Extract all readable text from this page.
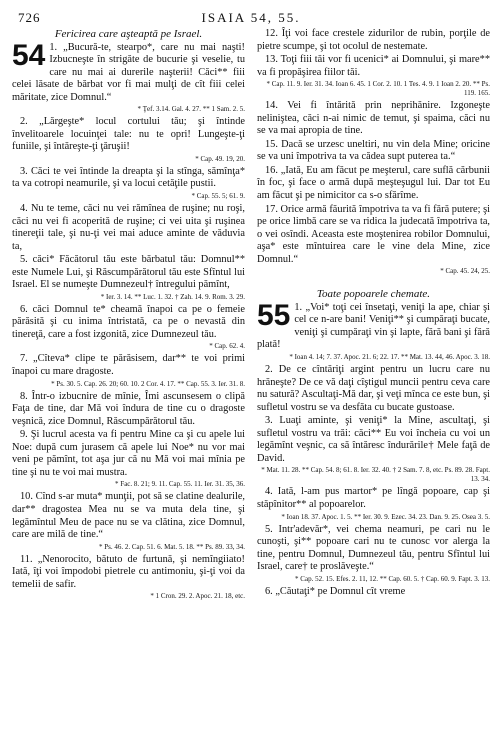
726	ISAIA 54, 55.
Fericirea care aşteaptă pe Israel.
54 1. „Bucură-te, stearpo*, care nu mai naşti! Izbucneşte în strigăte de bucurie şi veselie, tu care nu mai ai durerile naşterii! Căci** fiii celei lăsate de bărbat vor fi mai mulţi de cît fiii celei măritate, zice Domnul.“
* Ţef. 3.14. Gal. 4. 27. ** 1 Sam. 2. 5.
2. „Lărgeşte* locul cortului tău; şi întinde învelitoarele locuinţei tale: nu te opri! Lungeşte-ţi funiile, şi întăreşte-ţi ţăruşii!
* Cap. 49. 19, 20.
3. Căci te vei întinde la dreapta şi la stînga, sămînţa* ta va cotropi neamurile, şi va locui cetăţile pustii.
* Cap. 55. 5; 61. 9.
4. Nu te teme, căci nu vei rămînea de ruşine; nu roşi, căci nu vei fi acoperită de ruşine; ci vei uita şi ruşinea tinereţii tale, şi nu-ţi vei mai aduce aminte de văduvia ta,
5. căci* Făcătorul tău este bărbatul tău: Domnul** este Numele Lui, şi Răscumpărătorul tău este Sfîntul lui Israel. El se numeşte Dumnezeul† întregului pămînt,
* Ier. 3. 14. ** Luc. 1. 32. † Zah. 14. 9. Rom. 3. 29.
6. căci Domnul te* cheamă înapoi ca pe o femeie părăsită şi cu inima întristată, ca pe o nevastă din tinereţă, care a fost izgonită, zice Dumnezeul tău.
* Cap. 62. 4.
7. „Cîteva* clipe te părăsisem, dar** te voi primi înapoi cu mare dragoste.
* Ps. 30. 5. Cap. 26. 20; 60. 10. 2 Cor. 4. 17. ** Cap. 55. 3. Ier. 31. 8.
8. Într-o izbucnire de mînie, Îmi ascunsesem o clipă Faţa de tine, dar Mă voi îndura de tine cu o dragoste veşnică, zice Domnul, Răscumpărătorul tău.
9. Şi lucrul acesta va fi pentru Mine ca şi cu apele lui Noe: după cum jurasem că apele lui Noe* nu vor mai veni pe pămînt, tot aşa jur că nu Mă voi mai mînia pe tine şi nu te voi mai mustra.
* Fac. 8. 21; 9. 11. Cap. 55. 11. Ier. 31. 35, 36.
10. Cînd s-ar muta* munţii, pot să se clatine dealurile, dar** dragostea Mea nu se va muta dela tine, şi legămîntul Meu de pace nu se va clătina, zice Domnul, care are milă de tine.“
* Ps. 46. 2. Cap. 51. 6. Mat. 5. 18. ** Ps. 89. 33, 34.
11. „Nenorocito, bătuto de furtună, şi nemîngiiato! Iată, îţi voi împodobi pietrele cu antimoniu, şi-ţi voi da temelii de safir.
* 1 Cron. 29. 2. Apoc. 21. 18, etc.
12. Îţi voi face crestele zidurilor de rubin, porţile de pietre scumpe, şi tot ocolul de nestemate.
13. Toţi fiii tăi vor fi ucenici* ai Domnului, şi mare** va fi propăşirea fiilor tăi.
* Cap. 11. 9. Ier. 31. 34. Ioan 6. 45. 1 Cor. 2. 10. 1 Tes. 4. 9. 1 Ioan 2. 20. ** Ps. 119. 165.
14. Vei fi întărită prin neprihănire. Izgoneşte neliniştea, căci n-ai nimic de temut, şi spaima, căci nu se va mai apropia de tine.
15. Dacă se urzesc uneltiri, nu vin dela Mine; oricine se va uni împotriva ta va cădea supt puterea ta.“
16. „Iată, Eu am făcut pe meşterul, care suflă cărbunii în foc, şi face o armă după meşteşugul lui. Dar tot Eu am făcut şi pe nimicitor ca s-o sfărîme.
17. Orice armă făurită împotriva ta va fi fără putere; şi pe orice limbă care se va ridica la judecată împotriva ta, o vei osîndi. Aceasta este moştenirea robilor Domnului, aşa* este mîntuirea care le vine dela Mine, zice Domnul.“
* Cap. 45. 24, 25.
Toate popoarele chemate.
55 1. „Voi* toţi cei însetaţi, veniţi la ape, chiar şi cel ce n-are bani! Veniţi** şi cumpăraţi bucate, veniţi şi cumpăraţi vin şi lapte, fără bani şi fără plată!
* Ioan 4. 14; 7. 37. Apoc. 21. 6; 22. 17. ** Mat. 13. 44, 46. Apoc. 3. 18.
2. De ce cîntăriţi argint pentru un lucru care nu hrăneşte? De ce vă daţi cîştigul muncii pentru ceva care nu satură? Ascultaţi-Mă dar, şi veţi mînca ce este bun, şi sufletul vostru se va desfăta cu bucate gustoase.
3. Luaţi aminte, şi veniţi* la Mine, ascultaţi, şi sufletul vostru va trăi: căci** Eu voi încheia cu voi un legămînt veşnic, ca să întăresc îndurările† Mele faţă de David.
* Mat. 11. 28. ** Cap. 54. 8; 61. 8. Ier. 32. 40. † 2 Sam. 7. 8, etc. Ps. 89. 28. Fapt. 13. 34.
4. Iată, l-am pus martor* pe lîngă popoare, cap şi stăpînitor** al popoarelor.
* Ioan 18. 37. Apoc. 1. 5. ** Ier. 30. 9. Ezec. 34. 23. Dan. 9. 25. Osea 3. 5.
5. Intr'adevăr*, vei chema neamuri, pe cari nu le cunoşti, şi** popoare cari nu te cunosc vor alerga la tine, pentru Domnul, Dumnezeul tău, pentru Sfîntul lui Israel, care† te proslăveşte.“
* Cap. 52. 15. Efes. 2. 11, 12. ** Cap. 60. 5. † Cap. 60. 9. Fapt. 3. 13.
6. „Căutaţi* pe Domnul cît vreme
